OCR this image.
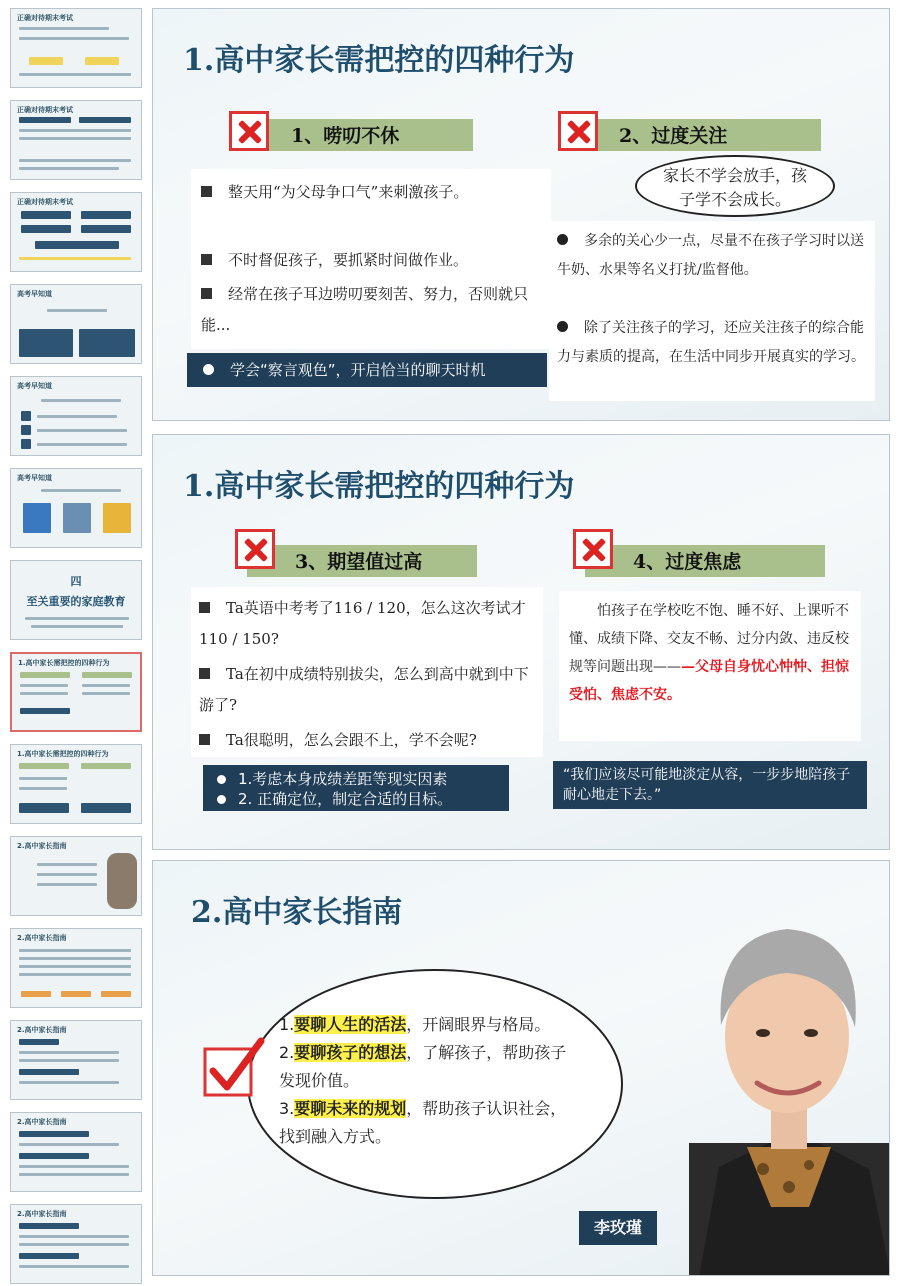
正确对待期末考试
正确对待期末考试
正确对待期末考试
高考早知道
高考早知道
高考早知道
四
至关重要的家庭教育
1.高中家长需把控的四种行为
1.高中家长需把控的四种行为
2.高中家长指南
2.高中家长指南
2.高中家长指南
2.高中家长指南
2.高中家长指南
1.高中家长需把控的四种行为
1、唠叨不休
整天用“为父母争口气”来刺激孩子。
不时督促孩子，要抓紧时间做作业。
经常在孩子耳边唠叨要刻苦、努力，否则就只能...
学会“察言观色”，开启恰当的聊天时机
2、过度关注
家长不学会放手，孩子学不会成长。
多余的关心少一点，尽量不在孩子学习时以送牛奶、水果等名义打扰/监督他。
除了关注孩子的学习，还应关注孩子的综合能力与素质的提高，在生活中同步开展真实的学习。
1.高中家长需把控的四种行为
3、期望值过高
Ta英语中考考了116 / 120，怎么这次考试才110 / 150?
Ta在初中成绩特别拔尖，怎么到高中就到中下游了?
Ta很聪明，怎么会跟不上，学不会呢?
1.考虑本身成绩差距等现实因素
2. 正确定位，制定合适的目标。
4、过度焦虑
怕孩子在学校吃不饱、睡不好、上课听不懂、成绩下降、交友不畅、过分内敛、违反校规等问题出现———父母自身忧心忡忡、担惊受怕、焦虑不安。
“我们应该尽可能地淡定从容，一步步地陪孩子耐心地走下去。”
2.高中家长指南
1.要聊人生的活法，开阔眼界与格局。
2.要聊孩子的想法，了解孩子，帮助孩子发现价值。
3.要聊未来的规划，帮助孩子认识社会，找到融入方式。
李玫瑾
